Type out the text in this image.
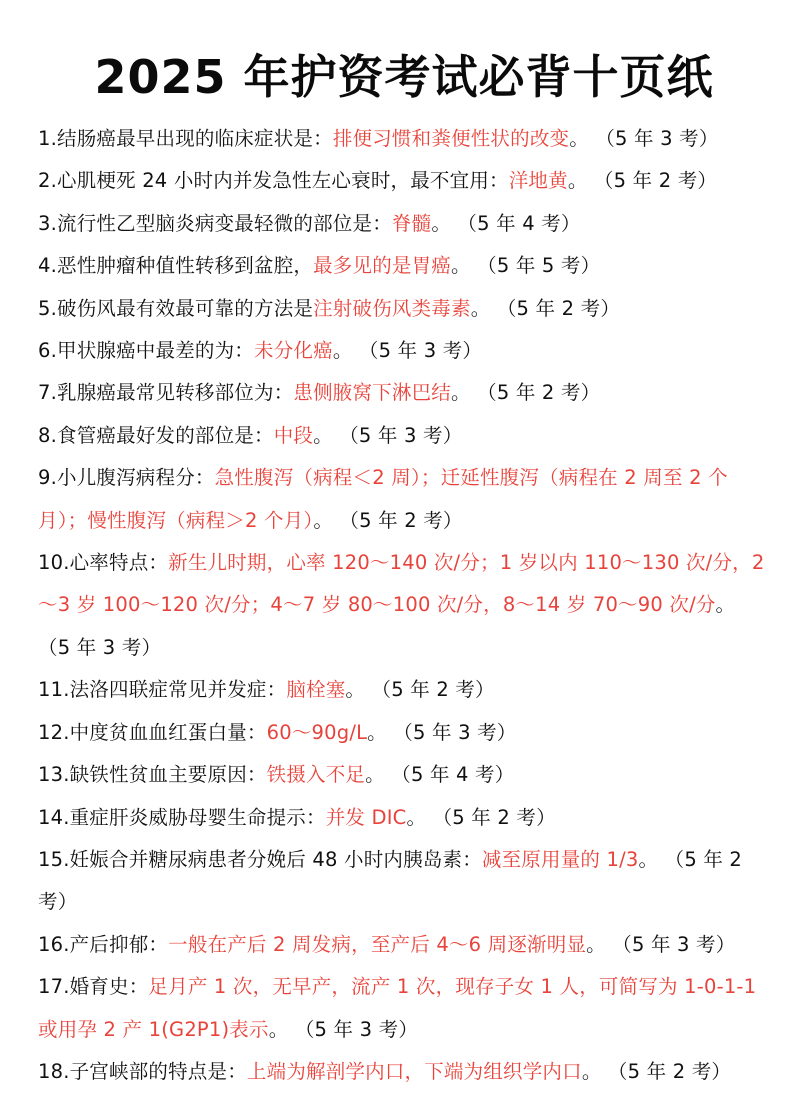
2025 年护资考试必背十页纸

1.结肠癌最早出现的临床症状是：排便习惯和粪便性状的改变。 （5 年 3 考）

2.心肌梗死 24 小时内并发急性左心衰时，最不宜用：洋地黄。 （5 年 2 考）

3.流行性乙型脑炎病变最轻微的部位是：脊髓。 （5 年 4 考）

4.恶性肿瘤种值性转移到盆腔，最多见的是胃癌。 （5 年 5 考）

5.破伤风最有效最可靠的方法是注射破伤风类毒素。 （5 年 2 考）

6.甲状腺癌中最差的为：未分化癌。 （5 年 3 考）

7.乳腺癌最常见转移部位为：患侧腋窝下淋巴结。 （5 年 2 考）

8.食管癌最好发的部位是：中段。 （5 年 3 考）

9.小儿腹泻病程分：急性腹泻（病程＜2 周）；迁延性腹泻（病程在 2 周至 2 个月）；慢性腹泻（病程＞2 个月）。 （5 年 2 考）

10.心率特点：新生儿时期，心率 120～140 次/分；1 岁以内 110～130 次/分，2～3 岁 100～120 次/分；4～7 岁 80～100 次/分，8～14 岁 70～90 次/分。 （5 年 3 考）

11.法洛四联症常见并发症：脑栓塞。 （5 年 2 考）

12.中度贫血血红蛋白量：60～90g/L。 （5 年 3 考）

13.缺铁性贫血主要原因：铁摄入不足。 （5 年 4 考）

14.重症肝炎威胁母婴生命提示：并发 DIC。 （5 年 2 考）

15.妊娠合并糖尿病患者分娩后 48 小时内胰岛素：减至原用量的 1/3。 （5 年 2 考）

16.产后抑郁：一般在产后 2 周发病，至产后 4～6 周逐渐明显。 （5 年 3 考）

17.婚育史：足月产 1 次，无早产，流产 1 次，现存子女 1 人，可简写为 1-0-1-1 或用孕 2 产 1(G2P1)表示。 （5 年 3 考）

18.子宫峡部的特点是：上端为解剖学内口，下端为组织学内口。 （5 年 2 考）
